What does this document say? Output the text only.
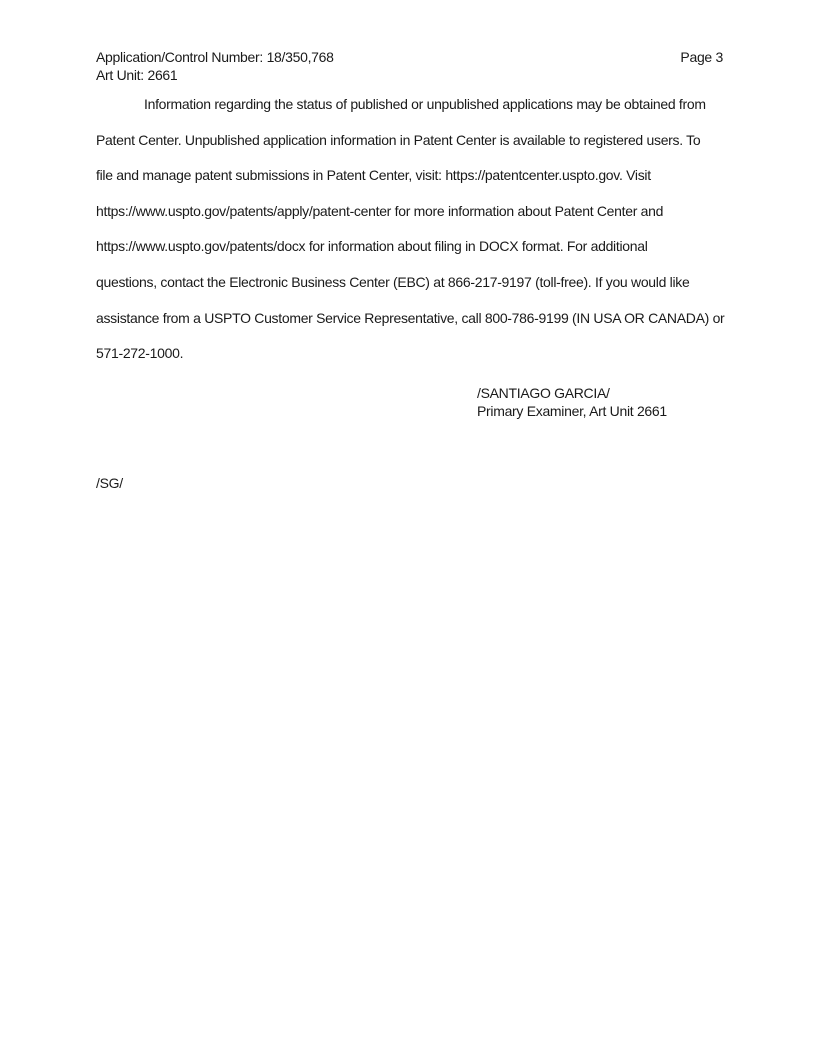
Application/Control Number: 18/350,768
Art Unit: 2661
Page 3
Information regarding the status of published or unpublished applications may be obtained from
Patent Center. Unpublished application information in Patent Center is available to registered users. To
file and manage patent submissions in Patent Center, visit: https://patentcenter.uspto.gov. Visit
https://www.uspto.gov/patents/apply/patent-center for more information about Patent Center and
https://www.uspto.gov/patents/docx for information about filing in DOCX format. For additional
questions, contact the Electronic Business Center (EBC) at 866-217-9197 (toll-free). If you would like
assistance from a USPTO Customer Service Representative, call 800-786-9199 (IN USA OR CANADA) or
571-272-1000.
/SANTIAGO GARCIA/
Primary Examiner, Art Unit 2661
/SG/
